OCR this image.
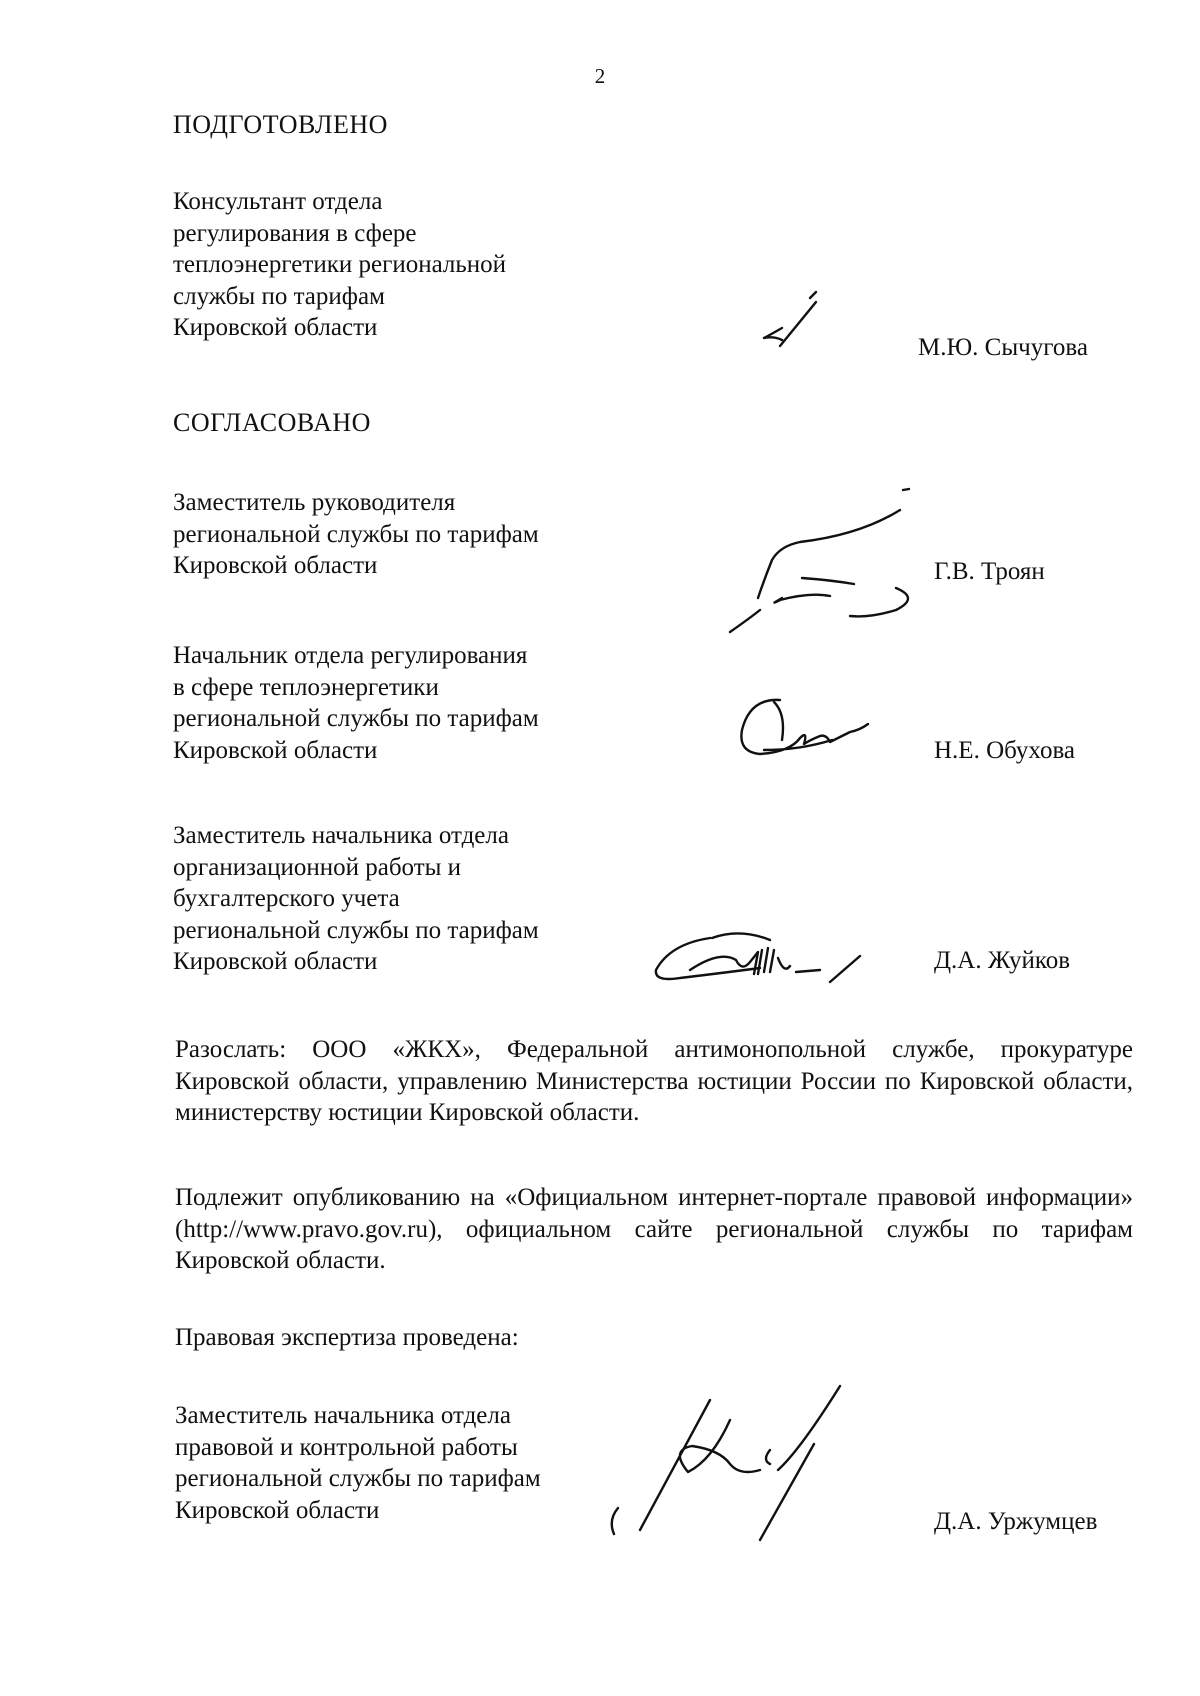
2
ПОДГОТОВЛЕНО
Консультант отдела
регулирования в сфере
теплоэнергетики региональной
службы по тарифам
Кировской области
М.Ю. Сычугова
СОГЛАСОВАНО
Заместитель руководителя
региональной службы по тарифам
Кировской области	Г.В. Троян
Начальник отдела регулирования
в сфере теплоэнергетики
региональной службы по тарифам
Кировской области	Н.Е. Обухова
Заместитель начальника отдела
организационной работы и
бухгалтерского учета
региональной службы по тарифам
Кировской области	Д.А. Жуйков
Разослать: ООО «ЖКХ», Федеральной антимонопольной службе, прокуратуре Кировской области, управлению Министерства юстиции России по Кировской области, министерству юстиции Кировской области.
Подлежит опубликованию на «Официальном интернет-портале правовой информации» (http://www.pravo.gov.ru), официальном сайте региональной службы по тарифам Кировской области.
Правовая экспертиза проведена:
Заместитель начальника отдела
правовой и контрольной работы
региональной службы по тарифам
Кировской области	Д.А. Уржумцев
